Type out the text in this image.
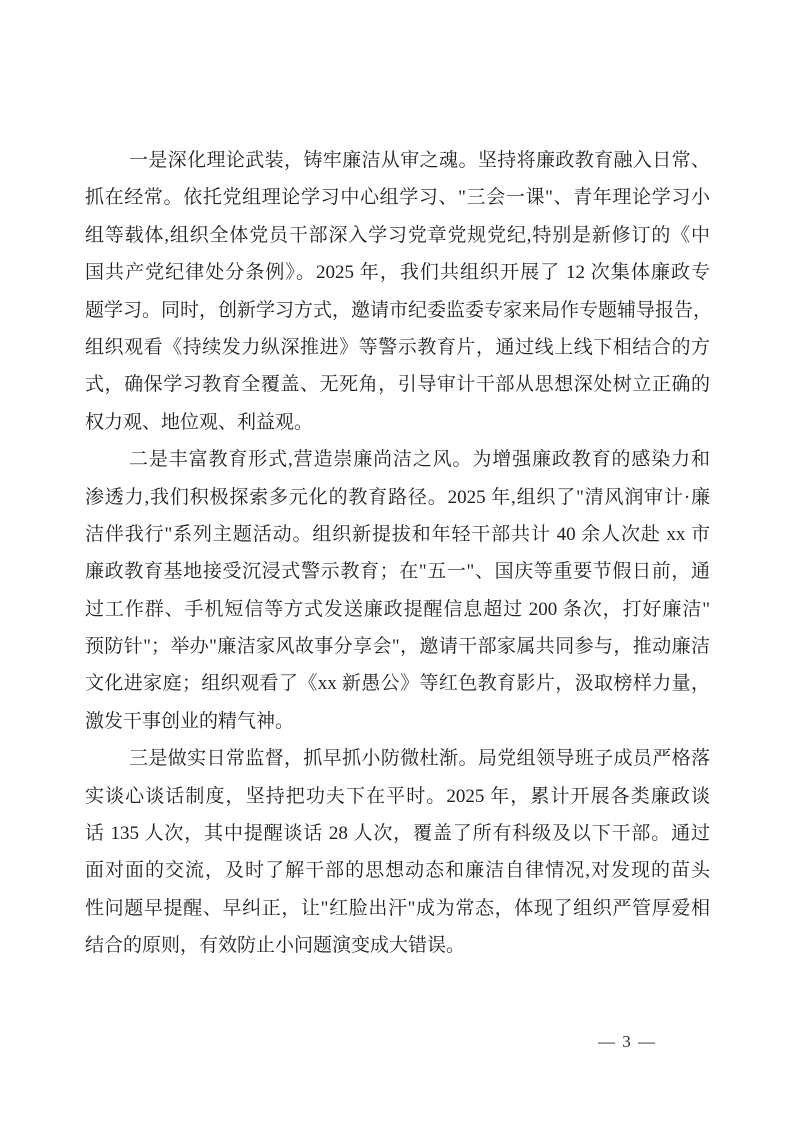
一是深化理论武装，铸牢廉洁从审之魂。坚持将廉政教育融入日常、
抓在经常。依托党组理论学习中心组学习、"三会一课"、青年理论学习小
组等载体,组织全体党员干部深入学习党章党规党纪,特别是新修订的《中
国共产党纪律处分条例》。2025 年，我们共组织开展了 12 次集体廉政专
题学习。同时，创新学习方式，邀请市纪委监委专家来局作专题辅导报告，
组织观看《持续发力纵深推进》等警示教育片，通过线上线下相结合的方
式，确保学习教育全覆盖、无死角，引导审计干部从思想深处树立正确的
权力观、地位观、利益观。
二是丰富教育形式,营造崇廉尚洁之风。为增强廉政教育的感染力和
渗透力,我们积极探索多元化的教育路径。2025 年,组织了"清风润审计·廉
洁伴我行"系列主题活动。组织新提拔和年轻干部共计 40 余人次赴 xx 市
廉政教育基地接受沉浸式警示教育；在"五一"、国庆等重要节假日前，通
过工作群、手机短信等方式发送廉政提醒信息超过 200 条次，打好廉洁"
预防针"；举办"廉洁家风故事分享会"，邀请干部家属共同参与，推动廉洁
文化进家庭；组织观看了《xx 新愚公》等红色教育影片，汲取榜样力量，
激发干事创业的精气神。
三是做实日常监督，抓早抓小防微杜渐。局党组领导班子成员严格落
实谈心谈话制度，坚持把功夫下在平时。2025 年，累计开展各类廉政谈
话 135 人次，其中提醒谈话 28 人次，覆盖了所有科级及以下干部。通过
面对面的交流，及时了解干部的思想动态和廉洁自律情况,对发现的苗头
性问题早提醒、早纠正，让"红脸出汗"成为常态，体现了组织严管厚爱相
结合的原则，有效防止小问题演变成大错误。
— 3 —
